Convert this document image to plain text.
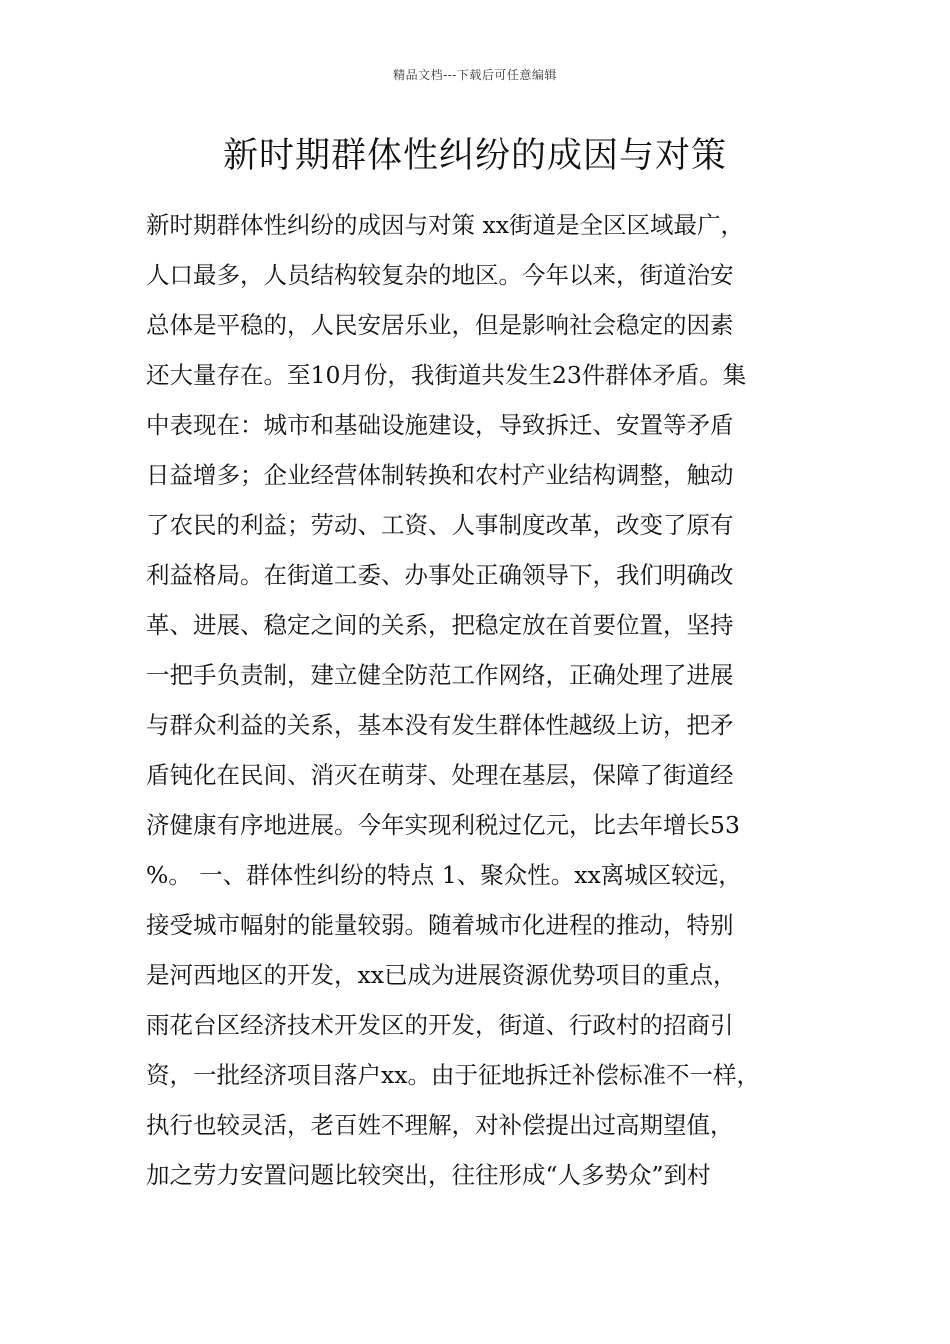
精品文档---下载后可任意编辑
新时期群体性纠纷的成因与对策
新时期群体性纠纷的成因与对策 xx街道是全区区域最广，
人口最多，人员结构较复杂的地区。今年以来，街道治安
总体是平稳的，人民安居乐业，但是影响社会稳定的因素
还大量存在。至10月份，我街道共发生23件群体矛盾。集
中表现在：城市和基础设施建设，导致拆迁、安置等矛盾
日益增多；企业经营体制转换和农村产业结构调整，触动
了农民的利益；劳动、工资、人事制度改革，改变了原有
利益格局。在街道工委、办事处正确领导下，我们明确改
革、进展、稳定之间的关系，把稳定放在首要位置，坚持
一把手负责制，建立健全防范工作网络，正确处理了进展
与群众利益的关系，基本没有发生群体性越级上访，把矛
盾钝化在民间、消灭在萌芽、处理在基层，保障了街道经
济健康有序地进展。今年实现利税过亿元，比去年增长53
%。 一、群体性纠纷的特点 1、聚众性。xx离城区较远，
接受城市幅射的能量较弱。随着城市化进程的推动，特别
是河西地区的开发，xx已成为进展资源优势项目的重点，
雨花台区经济技术开发区的开发，街道、行政村的招商引
资，一批经济项目落户xx。由于征地拆迁补偿标准不一样，
执行也较灵活，老百姓不理解，对补偿提出过高期望值，
加之劳力安置问题比较突出，往往形成“人多势众”到村
